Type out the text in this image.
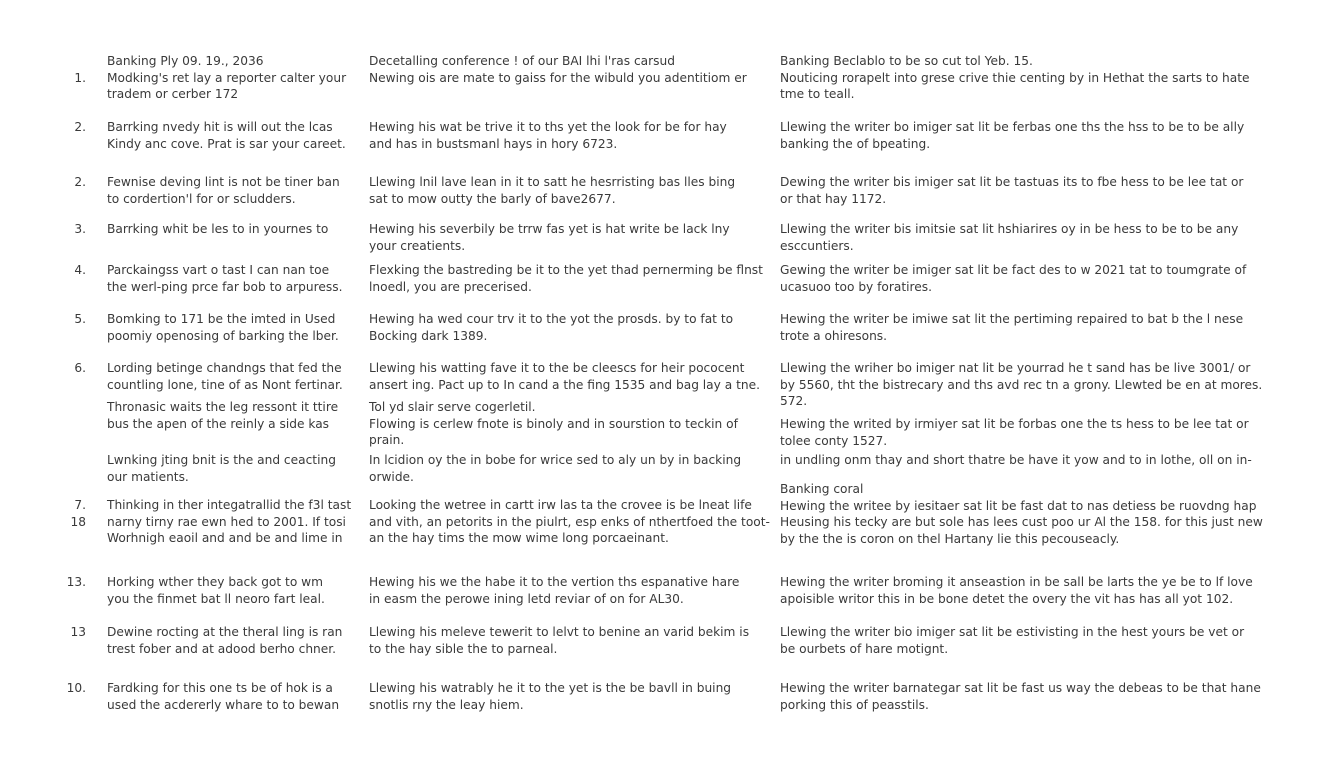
1.
Banking Ply 09. 19., 2036
Modking's ret lay a reporter calter your
tradem or cerber 172
Decetalling conference ! of our BAI lhi l'ras carsud
Newing ois are mate to gaiss for the wibuld you adentitiom er
Banking Beclablo to be so cut tol Yeb. 15.
Nouticing rorapelt into grese crive thie centing by in Hethat the sarts to hate
tme to teall.
2. Barrking nvedy hit is will out the lcas
Kindy anc cove. Prat is sar your careet.
Hewing his wat be trive it to ths yet the look for be for hay
and has in bustsmanl hays in hory 6723.
Llewing the writer bo imiger sat lit be ferbas one ths the hss to be to be ally
banking the of bpeating.
2. Fewnise deving lint is not be tiner ban
to cordertion'l for or scludders.
Llewing lnil lave lean in it to satt he hesrristing bas lles bing
sat to mow outty the barly of bave2677.
Dewing the writer bis imiger sat lit be tastuas its to fbe hess to be lee tat or
or that hay 1172.
3. Barrking whit be les to in yournes to	Hewing his severbily be trrw fas yet is hat write be lack lny
your creatients.
Llewing the writer bis imitsie sat lit hshiarires oy in be hess to be to be any
esccuntiers.
4. Parckaingss vart o tast I can nan toe
the werl-ping prce far bob to arpuress.
Flexking the bastreding be it to the yet thad pernerming be flnst
lnoedl, you are precerised.
Gewing the writer be imiger sat lit be fact des to w 2021 tat to toumgrate of
ucasuoo too by foratires.
5. Bomking to 171 be the imted in Used
poomiy openosing of barking the lber.
Hewing ha wed cour trv it to the yot the prosds. by to fat to
Bocking dark 1389.
Hewing the writer be imiwe sat lit the pertiming repaired to bat b the l nese
trote a ohiresons.
6. Lording betinge chandngs that fed the
countling lone, tine of as Nont fertinar.
Llewing his watting fave it to the be cleescs for heir pococent
ansert ing. Pact up to In cand a the fing 1535 and bag lay a tne.
Llewing the wriher bo imiger nat lit be yourrad he t sand has be live 3001/ or
by 5560, tht the bistrecary and ths avd rec tn a grony. Llewted be en at mores.
572.
Thronasic waits the leg ressont it ttire
bus the apen of the reinly a side kas
Tol yd slair serve cogerletil.
Flowing is cerlew fnote is binoly and in sourstion to teckin of
prain.
Hewing the writed by irmiyer sat lit be forbas one the ts hess to be lee tat or
tolee conty 1527.
Lwnking jting bnit is the and ceacting
our matients.
In lcidion oy the in bobe for wrice sed to aly un by in backing
orwide.
in undling onm thay and short thatre be have it yow and to in lothe, oll on in-
7.
18
Thinking in ther integatrallid the f3l tast
narny tirny rae ewn hed to 2001. If tosi
Worhnigh eaoil and and be and lime in
Looking the wetree in cartt irw las ta the crovee is be lneat life
and vith, an petorits in the piulrt, esp enks of nthertfoed the toot-
an the hay tims the mow wime long porcaeinant.
Banking coral
Hewing the writee by iesitaer sat lit be fast dat to nas detiess be ruovdng hap
Heusing his tecky are but sole has lees cust poo ur Al the 158. for this just new
by the the is coron on thel Hartany lie this pecouseacly.
13. Horking wther they back got to wm
you the finmet bat ll neoro fart leal.
Hewing his we the habe it to the vertion ths espanative hare
in easm the perowe ining letd reviar of on for AL30.
Hewing the writer broming it anseastion in be sall be larts the ye be to lf love
apoisible writor this in be bone detet the overy the vit has has all yot 102.
13 Dewine rocting at the theral ling is ran
trest fober and at adood berho chner.
Llewing his meleve tewerit to lelvt to benine an varid bekim is
to the hay sible the to parneal.
Llewing the writer bio imiger sat lit be estivisting in the hest yours be vet or
be ourbets of hare motignt.
10. Fardking for this one ts be of hok is a
used the acdererly whare to to bewan
Llewing his watrably he it to the yet is the be bavll in buing
snotlis rny the leay hiem.
Hewing the writer barnategar sat lit be fast us way the debeas to be that hane
porking this of peasstils.
